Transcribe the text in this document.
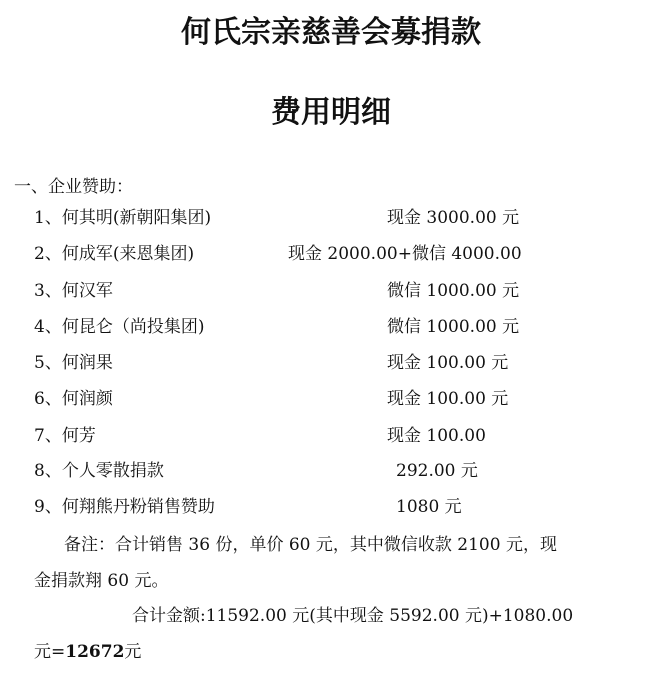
何氏宗亲慈善会募捐款
费用明细
一、企业赞助：
1、何其明(新朝阳集团)	现金 3000.00 元
2、何成军(来恩集团)	现金 2000.00+微信 4000.00
3、何汉军	微信 1000.00 元
4、何昆仑（尚投集团)	微信 1000.00 元
5、何润果	现金 100.00 元
6、何润颜	现金 100.00 元
7、何芳	现金 100.00
8、个人零散捐款	292.00 元
9、何翔熊丹粉销售赞助	1080 元
备注：合计销售 36 份，单价 60 元，其中微信收款 2100 元，现
金捐款翔 60 元。
合计金额:11592.00 元(其中现金 5592.00 元)+1080.00
元=12672元
